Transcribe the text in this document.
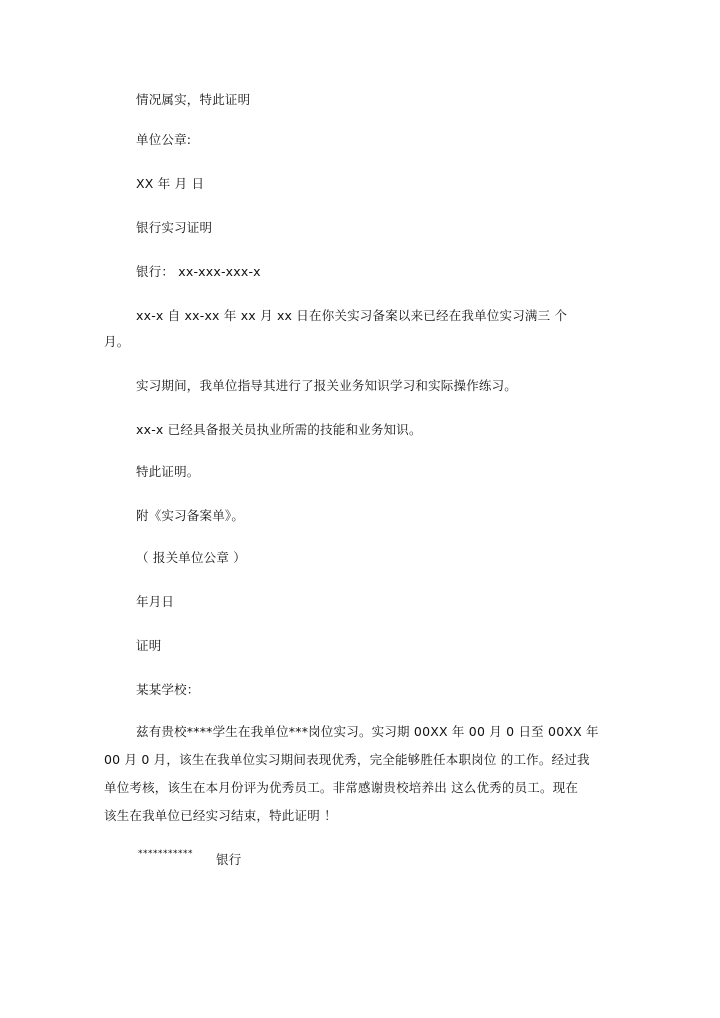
情况属实，特此证明
单位公章:
XX 年 月 日
银行实习证明
银行： xx-xxx-xxx-x
xx-x 自 xx-xx 年 xx 月 xx 日在你关实习备案以来已经在我单位实习满三 个
月。
实习期间，我单位指导其进行了报关业务知识学习和实际操作练习。
xx-x 已经具备报关员执业所需的技能和业务知识。
特此证明。
附《实习备案单》。
（ 报关单位公章 ）
年月日
证明
某某学校：
兹有贵校****学生在我单位***岗位实习。实习期 00XX 年 00 月 0 日至 00XX 年
00 月 0 月，该生在我单位实习期间表现优秀，完全能够胜任本职岗位 的工作。经过我
单位考核，该生在本月份评为优秀员工。非常感谢贵校培养出 这么优秀的员工。现在
该生在我单位已经实习结束，特此证明 ！
*********** 银行
